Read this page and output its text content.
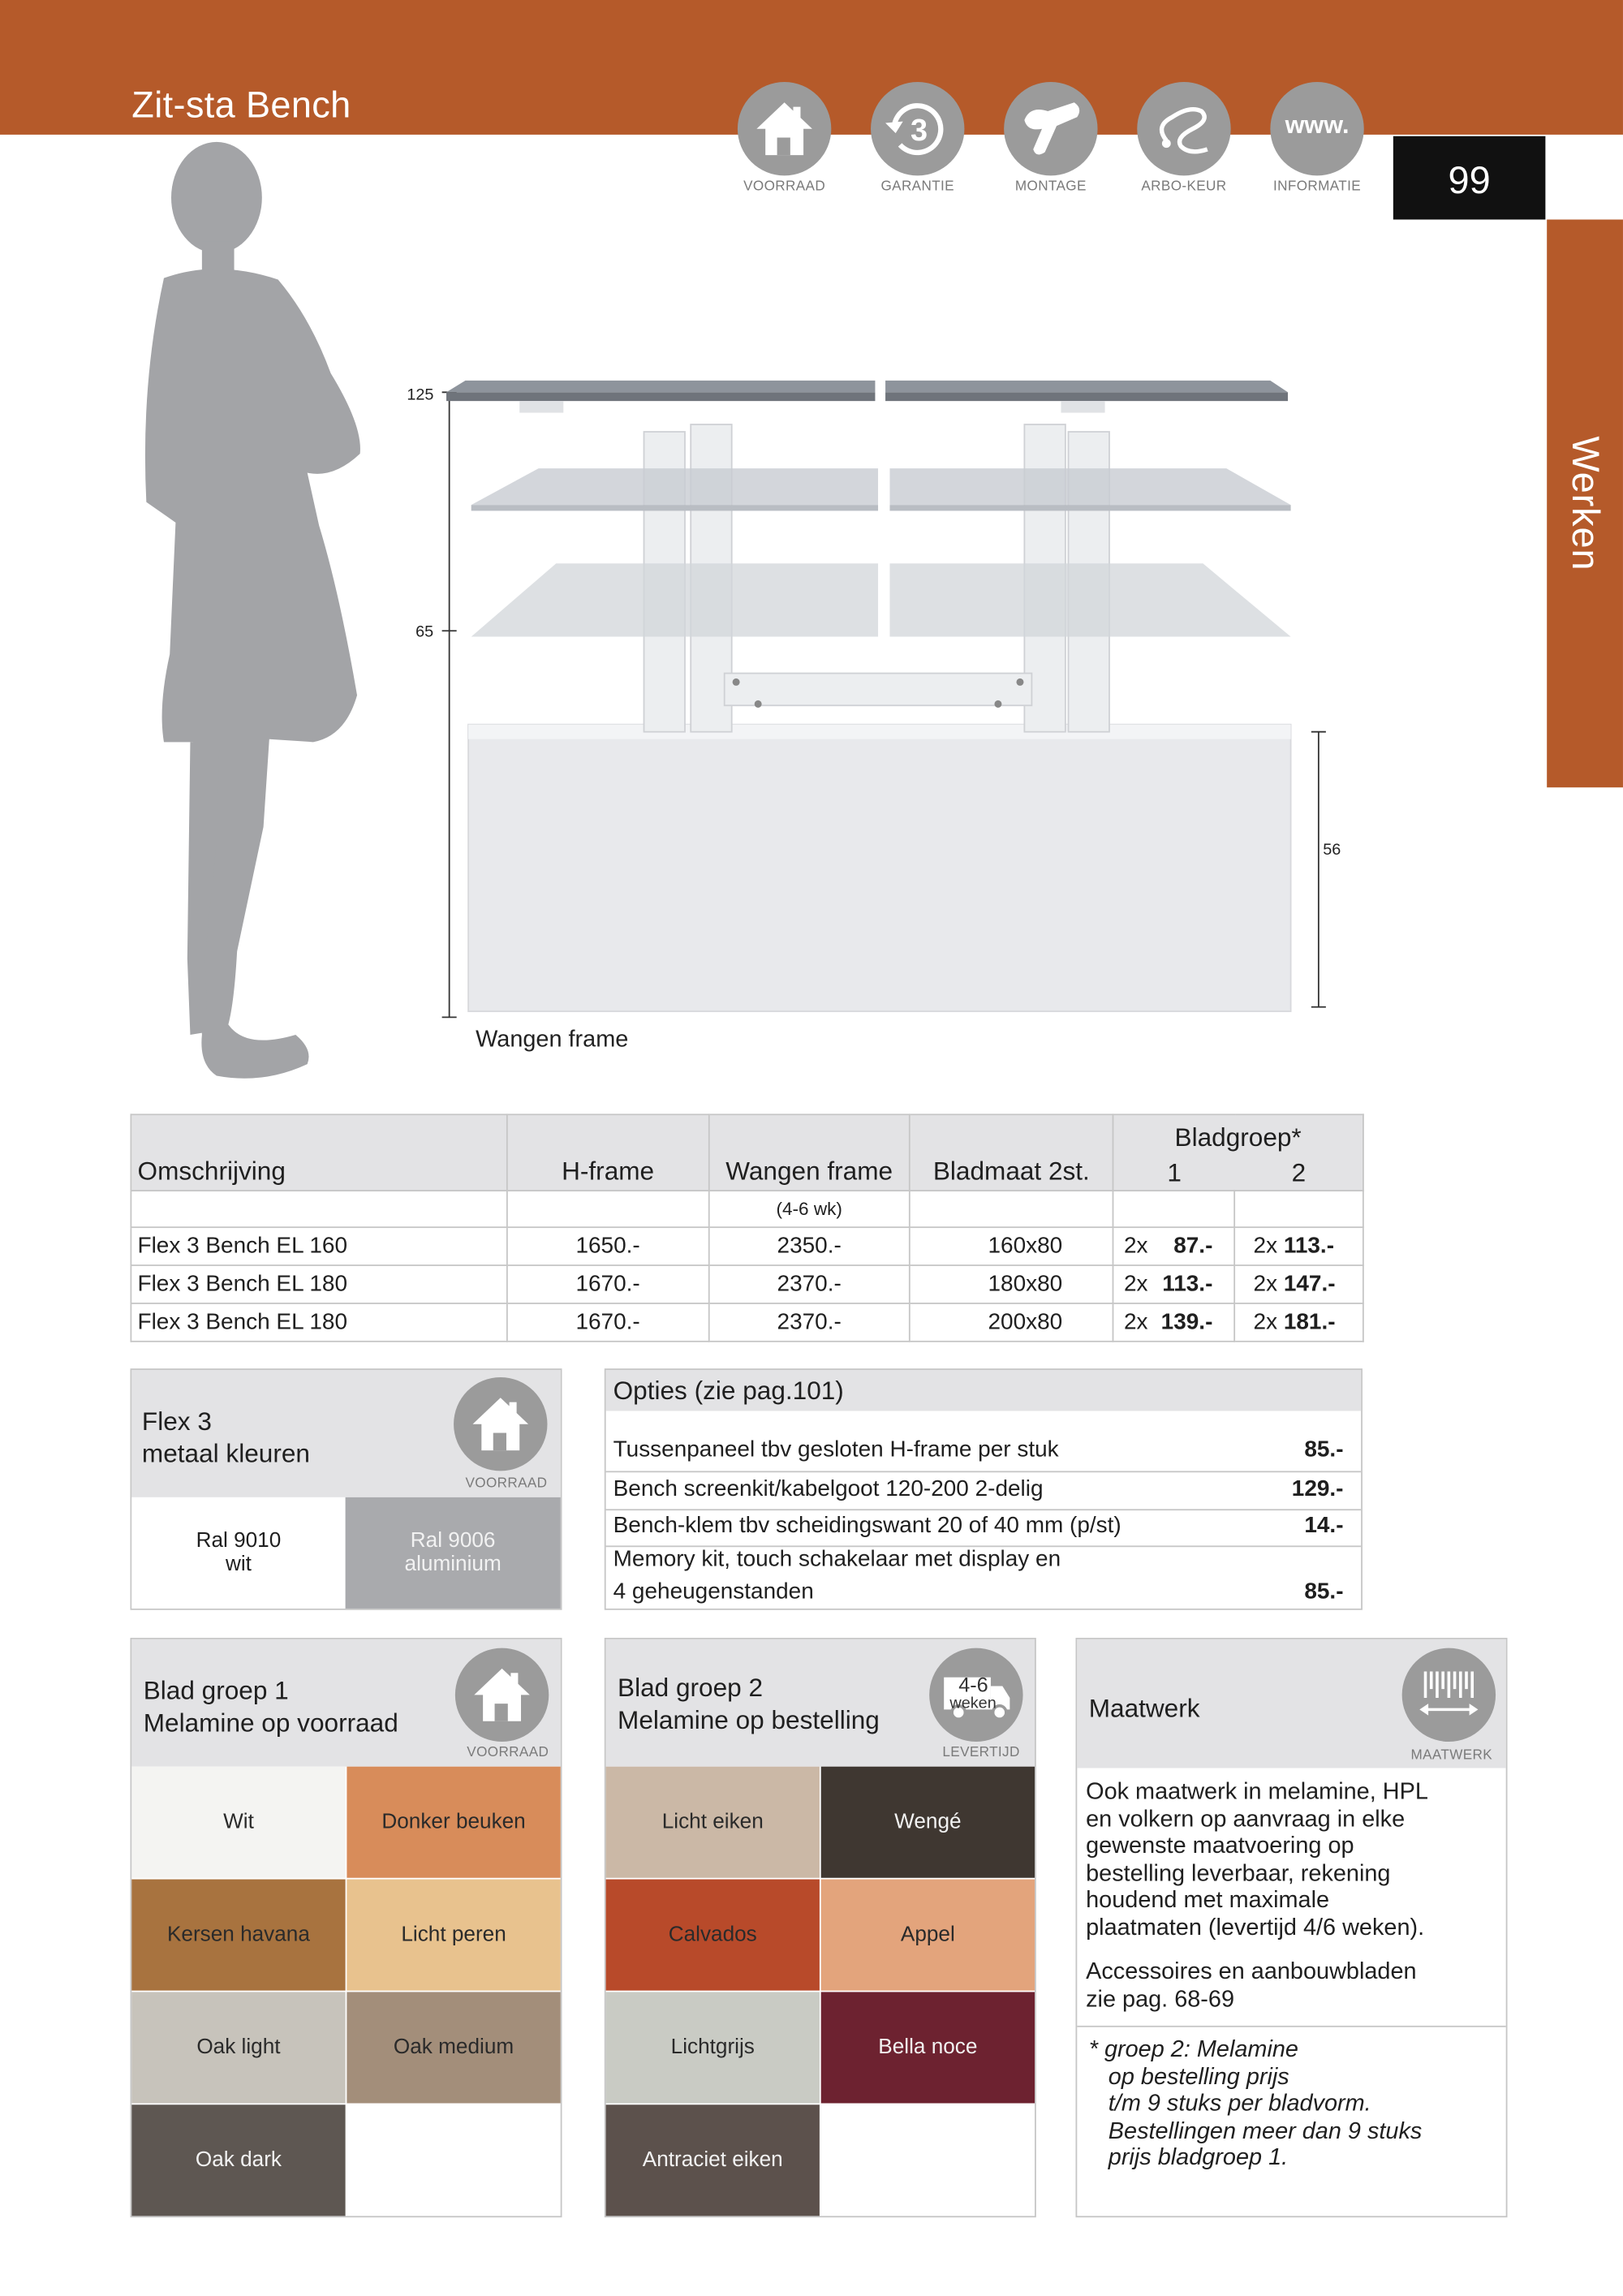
Zit-sta Bench
VOORRAAD
3
GARANTIE	MONTAGE	ARBO-KEUR
www.
INFORMATIE	99
Werken
125
65
56
Wangen frame
Omschrijving	H-frame	Wangen frame	Bladmaat 2st.	Bladgroep*
1 2	

		(4-6 wk)			
Flex 3 Bench EL 160	1650.-	2350.-	160x80	2x 87.-	2x 113.-
Flex 3 Bench EL 180	1670.-	2370.-	180x80	2x 113.-	2x 147.-
Flex 3 Bench EL 180	1670.-	2370.-	200x80	2x 139.-	2x 181.-
Flex 3
metaal kleuren
VOORRAAD
Ral 9010
wit
Ral 9006
aluminium
Opties (zie pag.101)
Tussenpaneel tbv gesloten H-frame per stuk	85.-
Bench screenkit/kabelgoot 120-200 2-delig	129.-
Bench-klem tbv scheidingswant 20 of 40 mm (p/st)	14.-
Memory kit, touch schakelaar met display en
4 geheugenstanden	85.-
Blad groep 1
Melamine op voorraad
VOORRAAD
Wit	Donker beuken
Kersen havana	Licht peren
Oak light	Oak medium
Oak dark
Blad groep 2
Melamine op bestelling
4-6
weken
LEVERTIJD
Licht eiken	Wengé
Calvados	Appel
Lichtgrijs	Bella noce
Antraciet eiken
Maatwerk
MAATWERK
Ook maatwerk in melamine, HPL
en volkern op aanvraag in elke
gewenste maatvoering op
bestelling leverbaar, rekening
houdend met maximale
plaatmaten (levertijd 4/6 weken).
Accessoires en aanbouwbladen
zie pag. 68-69
* groep 2: Melamine
op bestelling prijs
t/m 9 stuks per bladvorm.
Bestellingen meer dan 9 stuks
prijs bladgroep 1.
